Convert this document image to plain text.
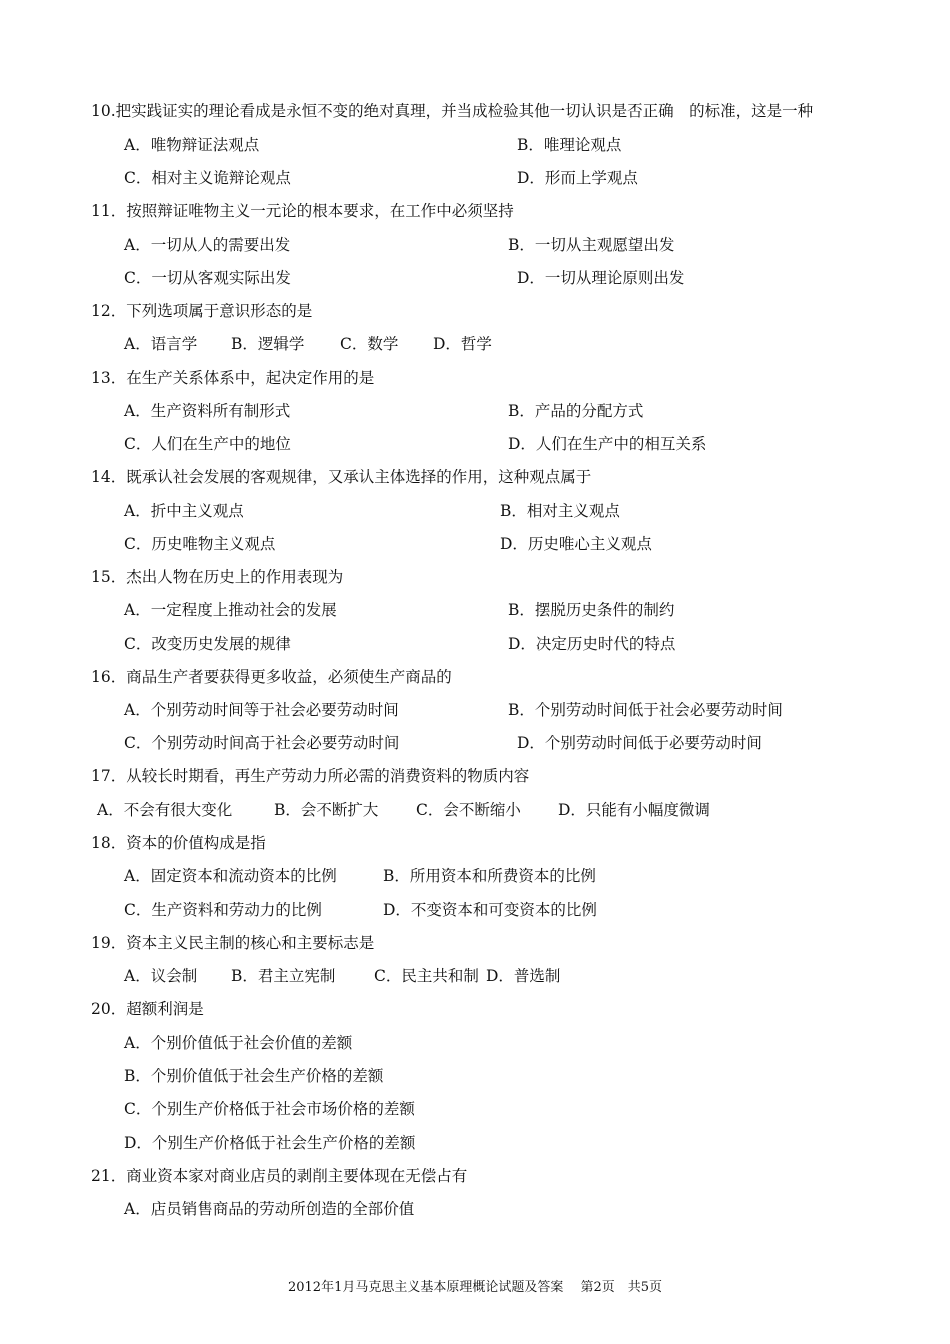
10.把实践证实的理论看成是永恒不变的绝对真理，并当成检验其他一切认识是否正确　的标准，这是一种
A．唯物辩证法观点	B．唯理论观点
C．相对主义诡辩论观点	D．形而上学观点
11．按照辩证唯物主义一元论的根本要求，在工作中必须坚持
A．一切从人的需要出发	B．一切从主观愿望出发
C．一切从客观实际出发	D．一切从理论原则出发
12．下列选项属于意识形态的是
A．语言学 B．逻辑学 C．数学 D．哲学
13．在生产关系体系中，起决定作用的是
A．生产资料所有制形式	B．产品的分配方式
C．人们在生产中的地位	D．人们在生产中的相互关系
14．既承认社会发展的客观规律，又承认主体选择的作用，这种观点属于
A．折中主义观点	B．相对主义观点
C．历史唯物主义观点	D．历史唯心主义观点
15．杰出人物在历史上的作用表现为
A．一定程度上推动社会的发展	B．摆脱历史条件的制约
C．改变历史发展的规律	D．决定历史时代的特点
16．商品生产者要获得更多收益，必须使生产商品的
A．个别劳动时间等于社会必要劳动时间	B．个别劳动时间低于社会必要劳动时间
C．个别劳动时间高于社会必要劳动时间	D．个别劳动时间低于必要劳动时间
17．从较长时期看，再生产劳动力所必需的消费资料的物质内容
A．不会有很大变化	B．会不断扩大 C．会不断缩小 D．只能有小幅度微调
18．资本的价值构成是指
A．固定资本和流动资本的比例	B．所用资本和所费资本的比例
C．生产资料和劳动力的比例	D．不变资本和可变资本的比例
19．资本主义民主制的核心和主要标志是
A．议会制 B．君主立宪制 C．民主共和制 D．普选制
20．超额利润是
A．个别价值低于社会价值的差额
B．个别价值低于社会生产价格的差额
C．个别生产价格低于社会市场价格的差额
D．个别生产价格低于社会生产价格的差额
21．商业资本家对商业店员的剥削主要体现在无偿占有
A．店员销售商品的劳动所创造的全部价值
2012年1月马克思主义基本原理概论试题及答案　 第2页　共5页
